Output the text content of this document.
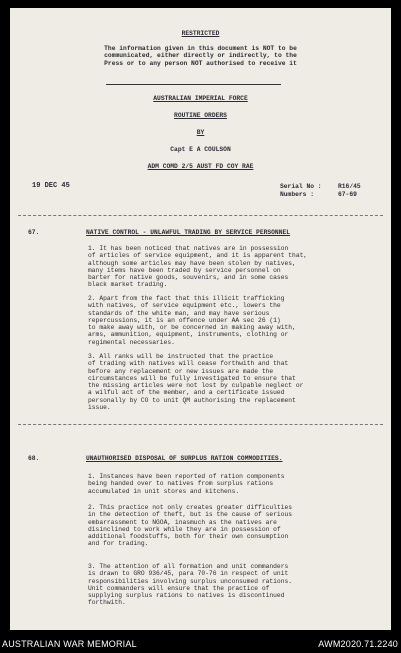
RESTRICTED
The information given in this document is NOT to be
communicated, either directly or indirectly, to the
Press or to any person NOT authorised to receive it
AUSTRALIAN IMPERIAL FORCE
ROUTINE ORDERS
BY
Capt E A COULSON
ADM COMD 2/5 AUST FD COY RAE
19 DEC 45	Serial No :	R16/45
Numbers :	67-69
67.	NATIVE CONTROL - UNLAWFUL TRADING BY SERVICE PERSONNEL
1. It has been noticed that natives are in possession
of articles of service equipment, and it is apparent that,
although some articles may have been stolen by natives,
many items have been traded by service personnel on
barter for native goods, souvenirs, and in some cases
black market trading.
2. Apart from the fact that this illicit trafficking
with natives, of service equipment etc., lowers the
standards of the white man, and may have serious
repercussions, it is an offence under AA sec 26 (1)
to make away with, or be concerned in making away with,
arms, ammunition, equipment, instruments, clothing or
regimental necessaries.
3. All ranks will be instructed that the practice
of trading with natives will cease forthwith and that
before any replacement or new issues are made the
circumstances will be fully investigated to ensure that
the missing articles were not lost by culpable neglect or
a wilful act of the member, and a certificate issued
personally by CO to unit QM authorising the replacement
issue.
68.	UNAUTHORISED DISPOSAL OF SURPLUS RATION COMMODITIES.
1. Instances have been reported of ration components
being handed over to natives from surplus rations
accumulated in unit stores and kitchens.
2. This practice not only creates greater difficulties
in the detection of theft, but is the cause of serious
embarrassment to NGOA, inasmuch as the natives are
disinclined to work while they are in possession of
additional foodstuffs, both for their own consumption
and for trading.
3. The attention of all formation and unit commanders
is drawn to GRO 936/45, para 70-76 in respect of unit
responsibilities involving surplus unconsumed rations.
Unit commanders will ensure that the practice of
supplying surplus rations to natives is discontinued
forthwith.
AUSTRALIAN WAR MEMORIAL	AWM2020.71.2240
